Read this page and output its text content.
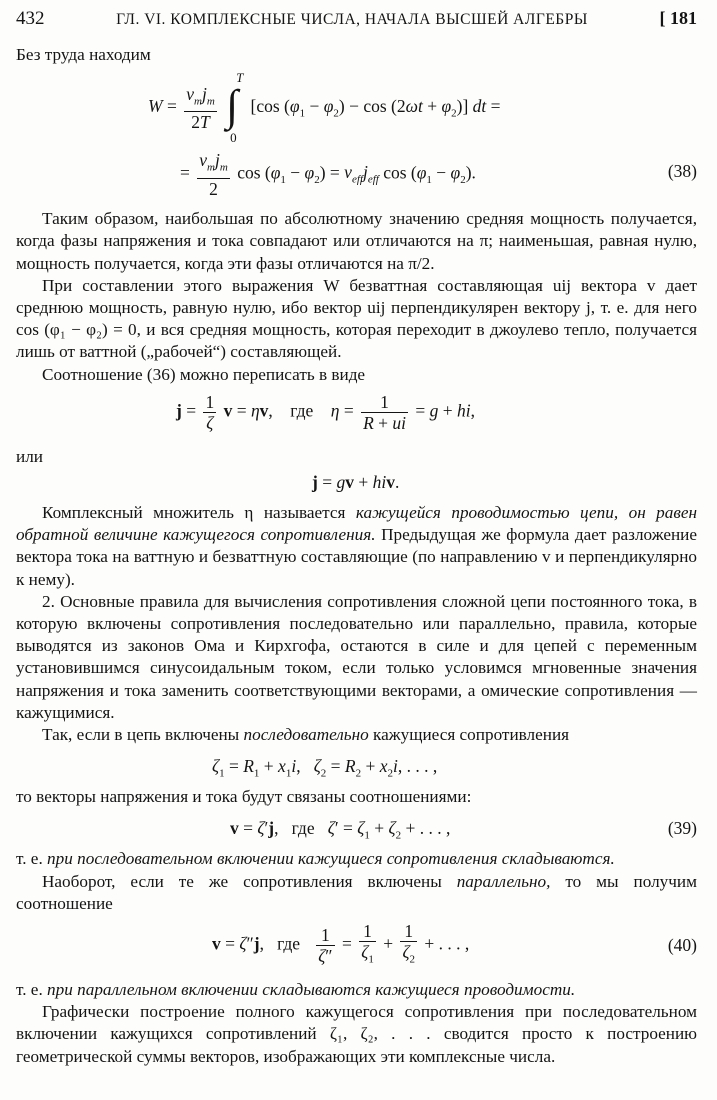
432	ГЛ. VI. КОМПЛЕКСНЫЕ ЧИСЛА, НАЧАЛА ВЫСШЕЙ АЛГЕБРЫ	[ 181

Без труда находим

$W = \frac{v_mj_m}{2T}$
∫
T
0
[cos $(\varphi_1 - \varphi_2) - \cos (2\omega t + \varphi_2)$] dt =
= $\frac{v_mj_m}{2}$ $\cos (\varphi_1 - \varphi_2) = v_{eff}j_{eff}$ $\cos (\varphi_1 - \varphi_2)$.	(38)

Таким образом, наибольшая по абсолютному значению средняя мощность получается, когда фазы напряжения и тока совпадают или отличаются на π; наименьшая, равная нулю, мощность получается, когда эти фазы отличаются на π/2.

При составлении этого выражения W безваттная составляющая uij вектора v дает среднюю мощность, равную нулю, ибо вектор uij перпендикулярен вектору j, т. е. для него cos (φ₁ − φ₂) = 0, и вся средняя мощность, которая переходит в джоулево тепло, получается лишь от ваттной („рабочей“) составляющей.

Соотношение (36) можно переписать в виде

$j = \frac{1}{\zeta}$ v = ηv,    где    $\eta = \frac{1}{R + ui} = g$ + hi,

или

j = gv + hiv.

Комплексный множитель η называется кажущейся проводимостью цепи, он равен обратной величине кажущегося сопротивления. Предыдущая же формула дает разложение вектора тока на ваттную и безваттную составляющие (по направлению v и перпендикулярно к нему).

2. Основные правила для вычисления сопротивления сложной цепи постоянного тока, в которую включены сопротивления последовательно или параллельно, правила, которые выводятся из законов Ома и Кирхгофа, остаются в силе и для цепей с переменным установившимся синусоидальным током, если только условимся мгновенные значения напряжения и тока заменить соответствующими векторами, а омические сопротивления — кажущимися.

Так, если в цепь включены последовательно кажущиеся сопротивления

$\zeta_1 = R_1 + x_1i$,   $\zeta_2 = R_2 + x_2i$, . . . ,

то векторы напряжения и тока будут связаны соотношениями:

v = ζ′j,   где   $\zeta' = \zeta_1 + \zeta_2$ + . . . ,	(39)

т. е. при последовательном включении кажущиеся сопротивления складываются.

Наоборот, если те же сопротивления включены параллельно, то мы получим соотношение

v = ζ″j,   где $\frac{1}{\zeta''} = \frac{1}{\zeta_1} + \frac{1}{\zeta_2}$ + . . . ,	(40)

т. е. при параллельном включении складываются кажущиеся проводимости.

Графически построение полного кажущегося сопротивления при последовательном включении кажущихся сопротивлений ζ₁, ζ₂, . . . сводится просто к построению геометрической суммы векторов, изображающих эти комплексные числа.
